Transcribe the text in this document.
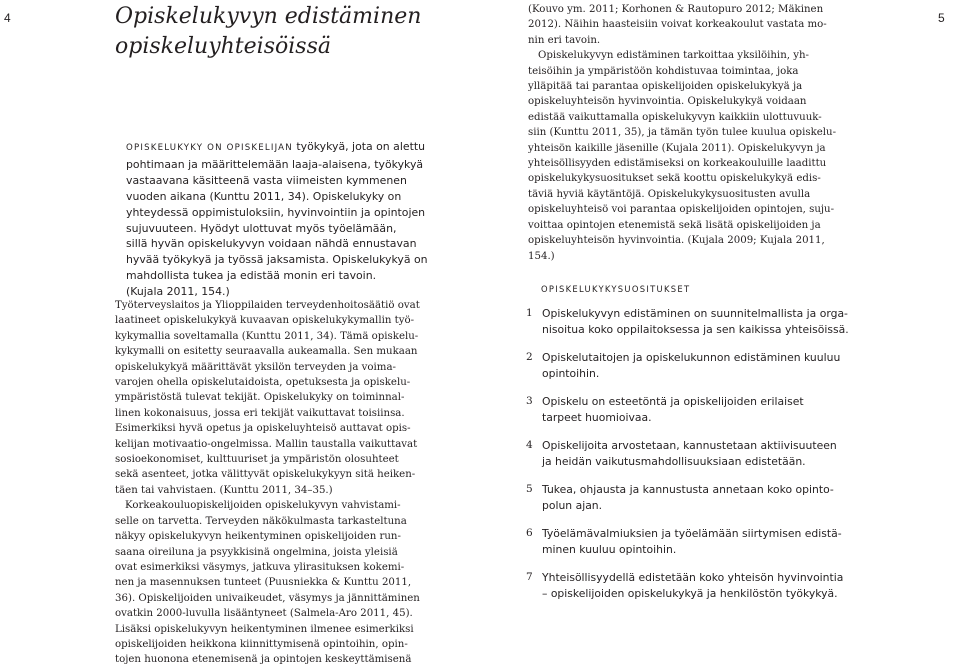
4	5
Opiskelukyvyn edistäminen
opiskeluyhteisöissä
OPISKELUKYKY ON OPISKELIJAN työkykyä, jota on alettu
pohtimaan ja määrittelemään laaja-alaisena, työkykyä
vastaavana käsitteenä vasta viimeisten kymmenen
vuoden aikana (Kunttu 2011, 34). Opiskelukyky on
yhteydessä oppimistuloksiin, hyvinvointiin ja opintojen
sujuvuuteen. Hyödyt ulottuvat myös työelämään,
sillä hyvän opiskelukyvyn voidaan nähdä ennustavan
hyvää työkykyä ja työssä jaksamista. Opiskelukykyä on
mahdollista tukea ja edistää monin eri tavoin.
(Kujala 2011, 154.)
Työterveyslaitos ja Ylioppilaiden terveydenhoitosäätiö ovat
laatineet opiskelukykyä kuvaavan opiskelukykymallin työ-
kykymallia soveltamalla (Kunttu 2011, 34). Tämä opiskelu-
kykymalli on esitetty seuraavalla aukeamalla. Sen mukaan
opiskelukykyä määrittävät yksilön terveyden ja voima-
varojen ohella opiskelutaidoista, opetuksesta ja opiskelu-
ympäristöstä tulevat tekijät. Opiskelukyky on toiminnal-
linen kokonaisuus, jossa eri tekijät vaikuttavat toisiinsa.
Esimerkiksi hyvä opetus ja opiskeluyhteisö auttavat opis-
kelijan motivaatio-ongelmissa. Mallin taustalla vaikuttavat
sosioekonomiset, kulttuuriset ja ympäristön olosuhteet
sekä asenteet, jotka välittyvät opiskelukykyyn sitä heiken-
täen tai vahvistaen. (Kunttu 2011, 34–35.)
Korkeakouluopiskelijoiden opiskelukyvyn vahvistami-
selle on tarvetta. Terveyden näkökulmasta tarkasteltuna
näkyy opiskelukyvyn heikentyminen opiskelijoiden run-
saana oireiluna ja psyykkisinä ongelmina, joista yleisiä
ovat esimerkiksi väsymys, jatkuva ylirasituksen kokemi-
nen ja masennuksen tunteet (Puusniekka & Kunttu 2011,
36). Opiskelijoiden univaikeudet, väsymys ja jännittäminen
ovatkin 2000-luvulla lisääntyneet (Salmela-Aro 2011, 45).
Lisäksi opiskelukyvyn heikentyminen ilmenee esimerkiksi
opiskelijoiden heikkona kiinnittymisenä opintoihin, opin-
tojen huonona etenemisenä ja opintojen keskeyttämisenä
(Kouvo ym. 2011; Korhonen & Rautopuro 2012; Mäkinen
2012). Näihin haasteisiin voivat korkeakoulut vastata mo-
nin eri tavoin.
Opiskelukyvyn edistäminen tarkoittaa yksilöihin, yh-
teisöihin ja ympäristöön kohdistuvaa toimintaa, joka
ylläpitää tai parantaa opiskelijoiden opiskelukykyä ja
opiskeluyhteisön hyvinvointia. Opiskelukykyä voidaan
edistää vaikuttamalla opiskelukyvyn kaikkiin ulottuvuuk-
siin (Kunttu 2011, 35), ja tämän työn tulee kuulua opiskelu-
yhteisön kaikille jäsenille (Kujala 2011). Opiskelukyvyn ja
yhteisöllisyyden edistämiseksi on korkeakouluille laadittu
opiskelukykysuositukset sekä koottu opiskelukykyä edis-
täviä hyviä käytäntöjä. Opiskelukykysuositusten avulla
opiskeluyhteisö voi parantaa opiskelijoiden opintojen, suju-
voittaa opintojen etenemistä sekä lisätä opiskelijoiden ja
opiskeluyhteisön hyvinvointia. (Kujala 2009; Kujala 2011,
154.)
OPISKELUKYKYSUOSITUKSET
1 Opiskelukyvyn edistäminen on suunnitelmallista ja orga-
nisoitua koko oppilaitoksessa ja sen kaikissa yhteisöissä.
2 Opiskelutaitojen ja opiskelukunnon edistäminen kuuluu
opintoihin.
3 Opiskelu on esteetöntä ja opiskelijoiden erilaiset
tarpeet huomioivaa.
4 Opiskelijoita arvostetaan, kannustetaan aktiivisuuteen
ja heidän vaikutusmahdollisuuksiaan edistetään.
5 Tukea, ohjausta ja kannustusta annetaan koko opinto-
polun ajan.
6 Työelämävalmiuksien ja työelämään siirtymisen edistä-
minen kuuluu opintoihin.
7 Yhteisöllisyydellä edistetään koko yhteisön hyvinvointia
– opiskelijoiden opiskelukykyä ja henkilöstön työkykyä.
